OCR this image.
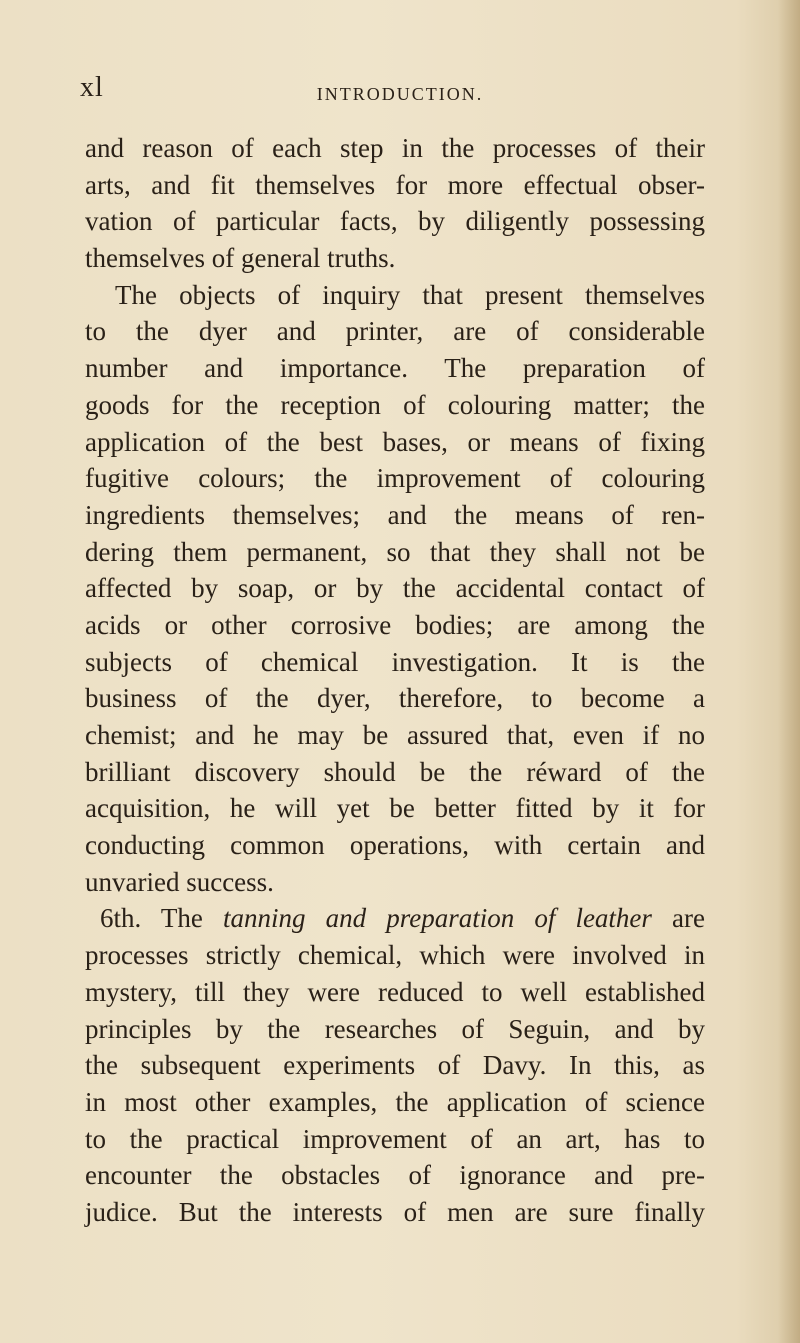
xl	INTRODUCTION.
and reason of each step in the processes of their
arts, and fit themselves for more effectual obser-
vation of particular facts, by diligently possessing
themselves of general truths.
The objects of inquiry that present themselves
to the dyer and printer, are of considerable
number and importance. The preparation of
goods for the reception of colouring matter; the
application of the best bases, or means of fixing
fugitive colours; the improvement of colouring
ingredients themselves; and the means of ren-
dering them permanent, so that they shall not be
affected by soap, or by the accidental contact of
acids or other corrosive bodies; are among the
subjects of chemical investigation. It is the
business of the dyer, therefore, to become a
chemist; and he may be assured that, even if no
brilliant discovery should be the réward of the
acquisition, he will yet be better fitted by it for
conducting common operations, with certain and
unvaried success.
6th. The tanning and preparation of leather are
processes strictly chemical, which were involved in
mystery, till they were reduced to well established
principles by the researches of Seguin, and by
the subsequent experiments of Davy. In this, as
in most other examples, the application of science
to the practical improvement of an art, has to
encounter the obstacles of ignorance and pre-
judice. But the interests of men are sure finally
